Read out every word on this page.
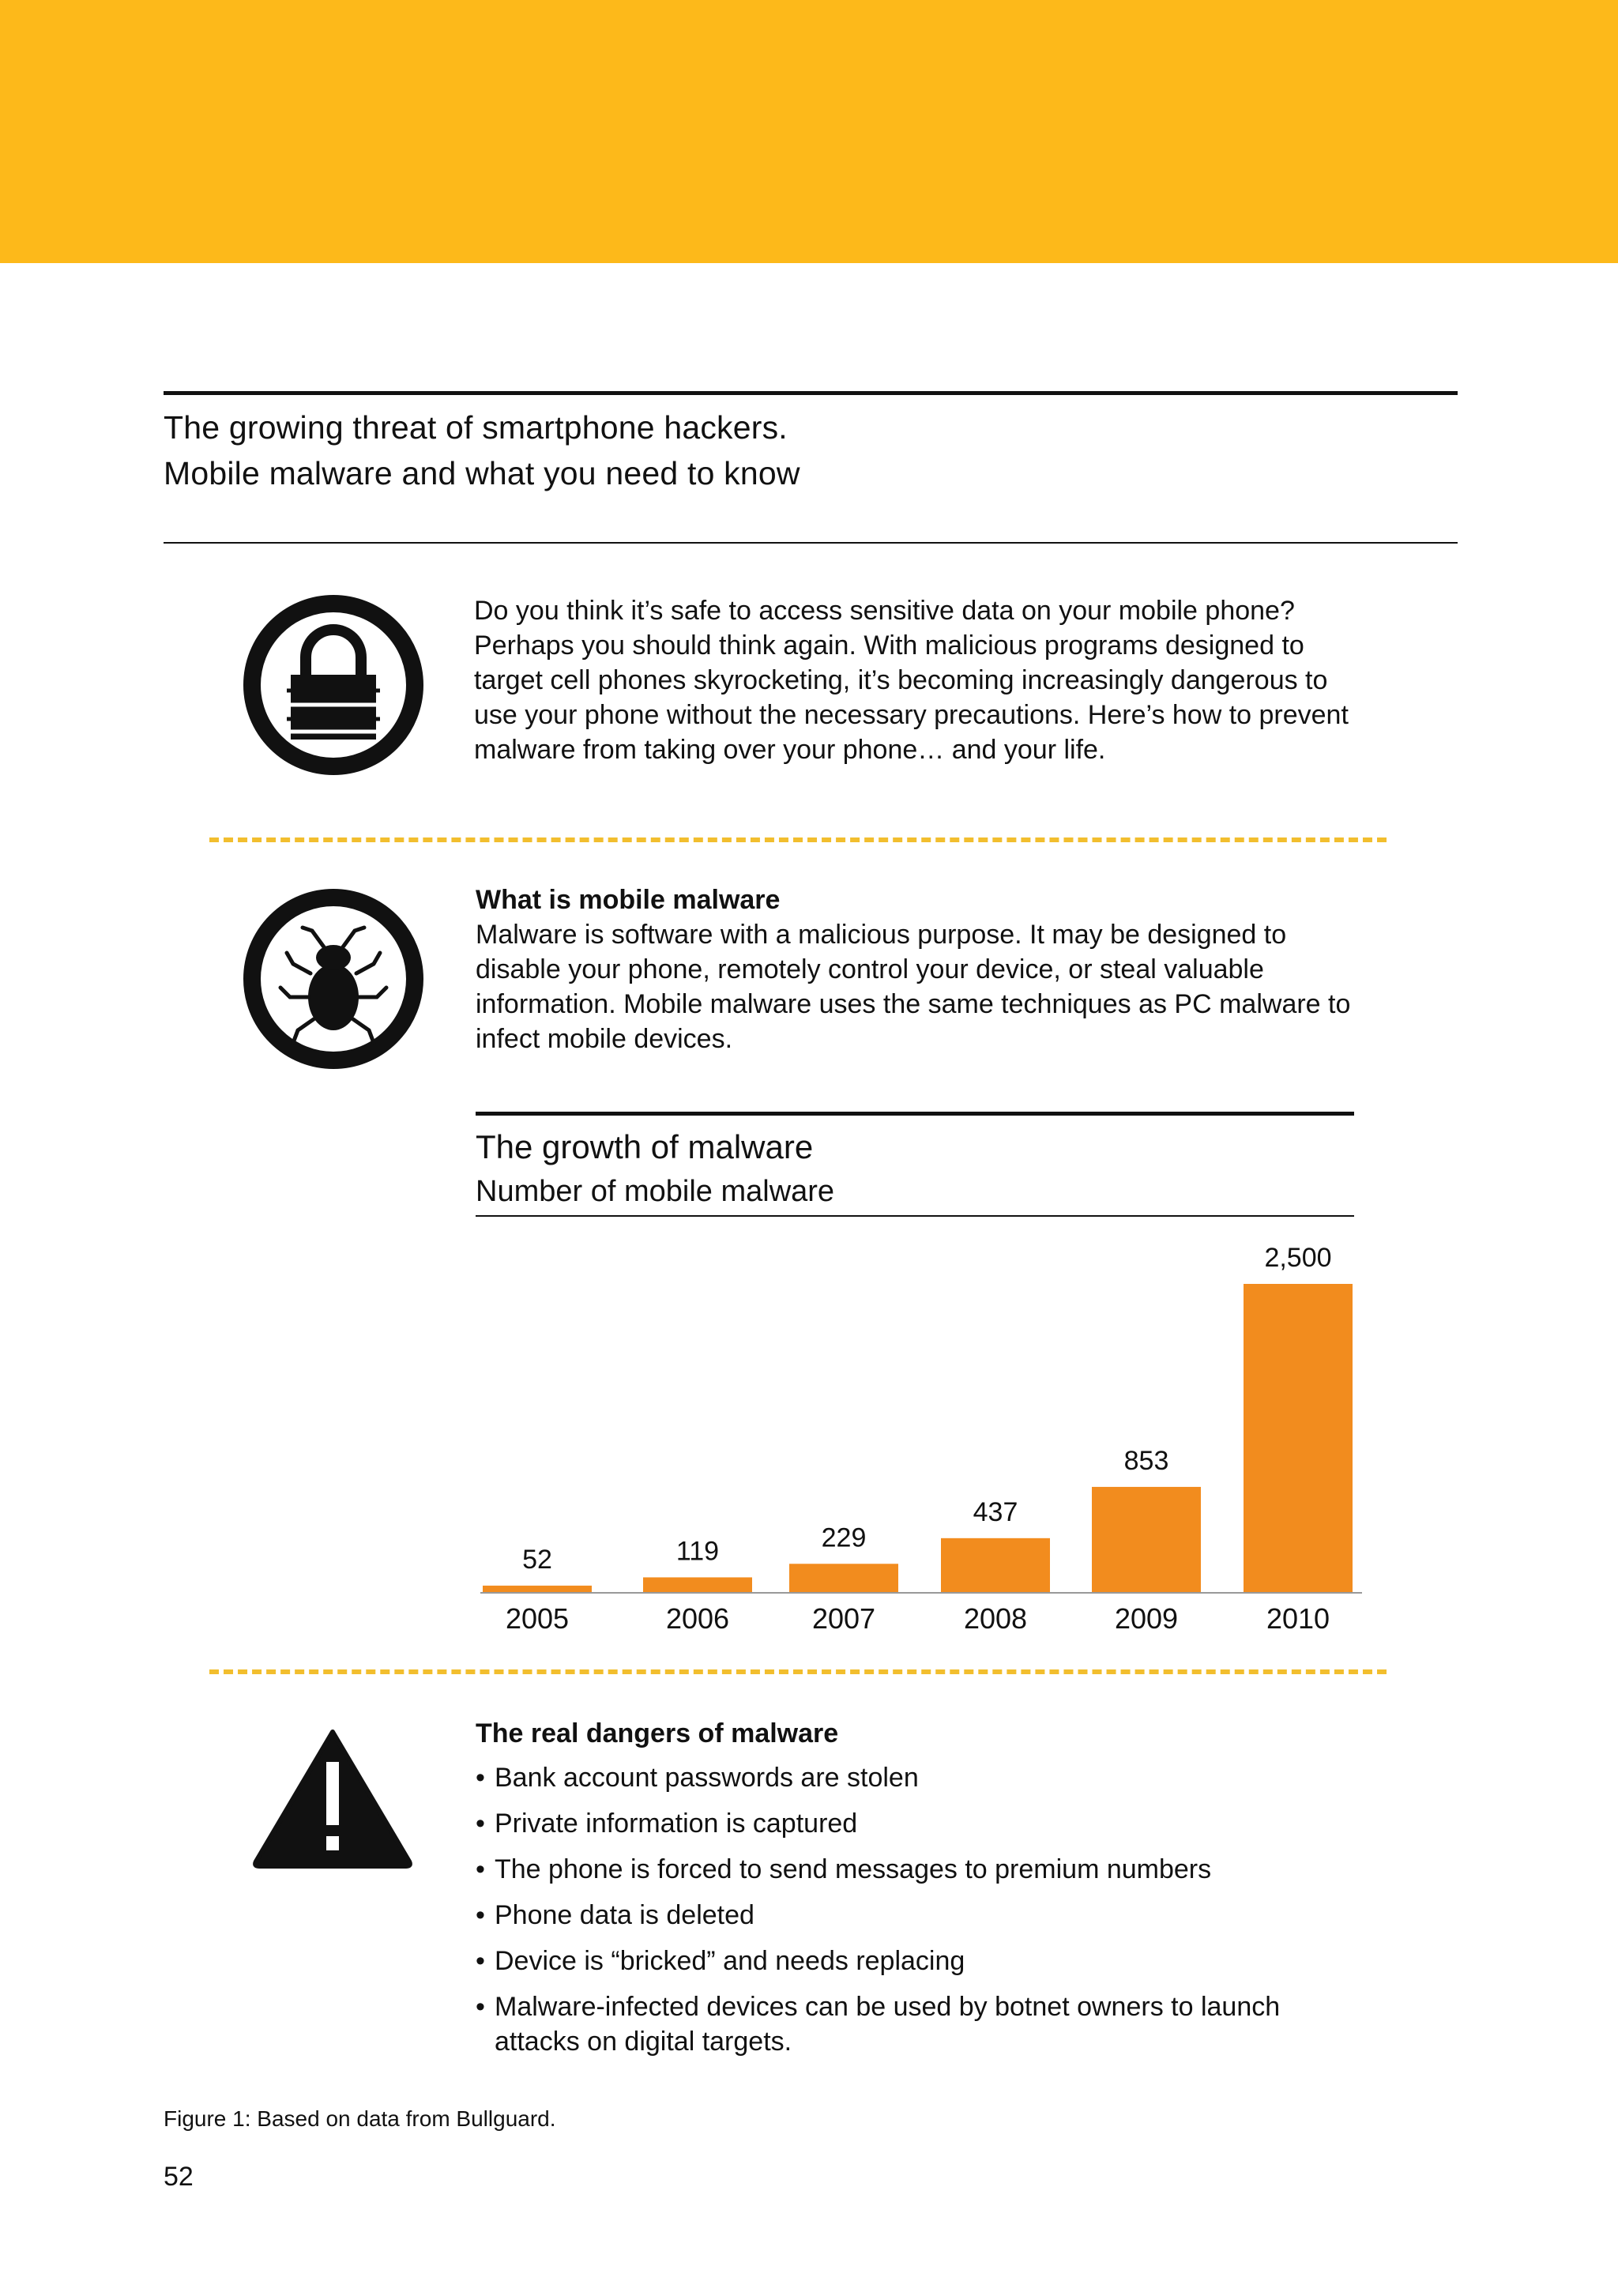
The growing threat of smartphone hackers.
Mobile malware and what you need to know
Do you think it’s safe to access sensitive data on your mobile phone? Perhaps you should think again. With malicious programs designed to target cell phones skyrocketing, it’s becoming increasingly dangerous to use your phone without the necessary precautions. Here’s how to prevent malware from taking over your phone… and your life.
What is mobile malware
Malware is software with a malicious purpose. It may be designed to disable your phone, remotely control your device, or steal valuable information. Mobile malware uses the same techniques as PC malware to infect mobile devices.
The growth of malware
Number of mobile malware
52
2005
119
2006
229
2007
437
2008
853
2009
2,500
2010
The real dangers of malware
• Bank account passwords are stolen
• Private information is captured
• The phone is forced to send messages to premium numbers
• Phone data is deleted
• Device is “bricked” and needs replacing
• Malware-infected devices can be used by botnet owners to launch attacks on digital targets.
Figure 1: Based on data from Bullguard.
52
